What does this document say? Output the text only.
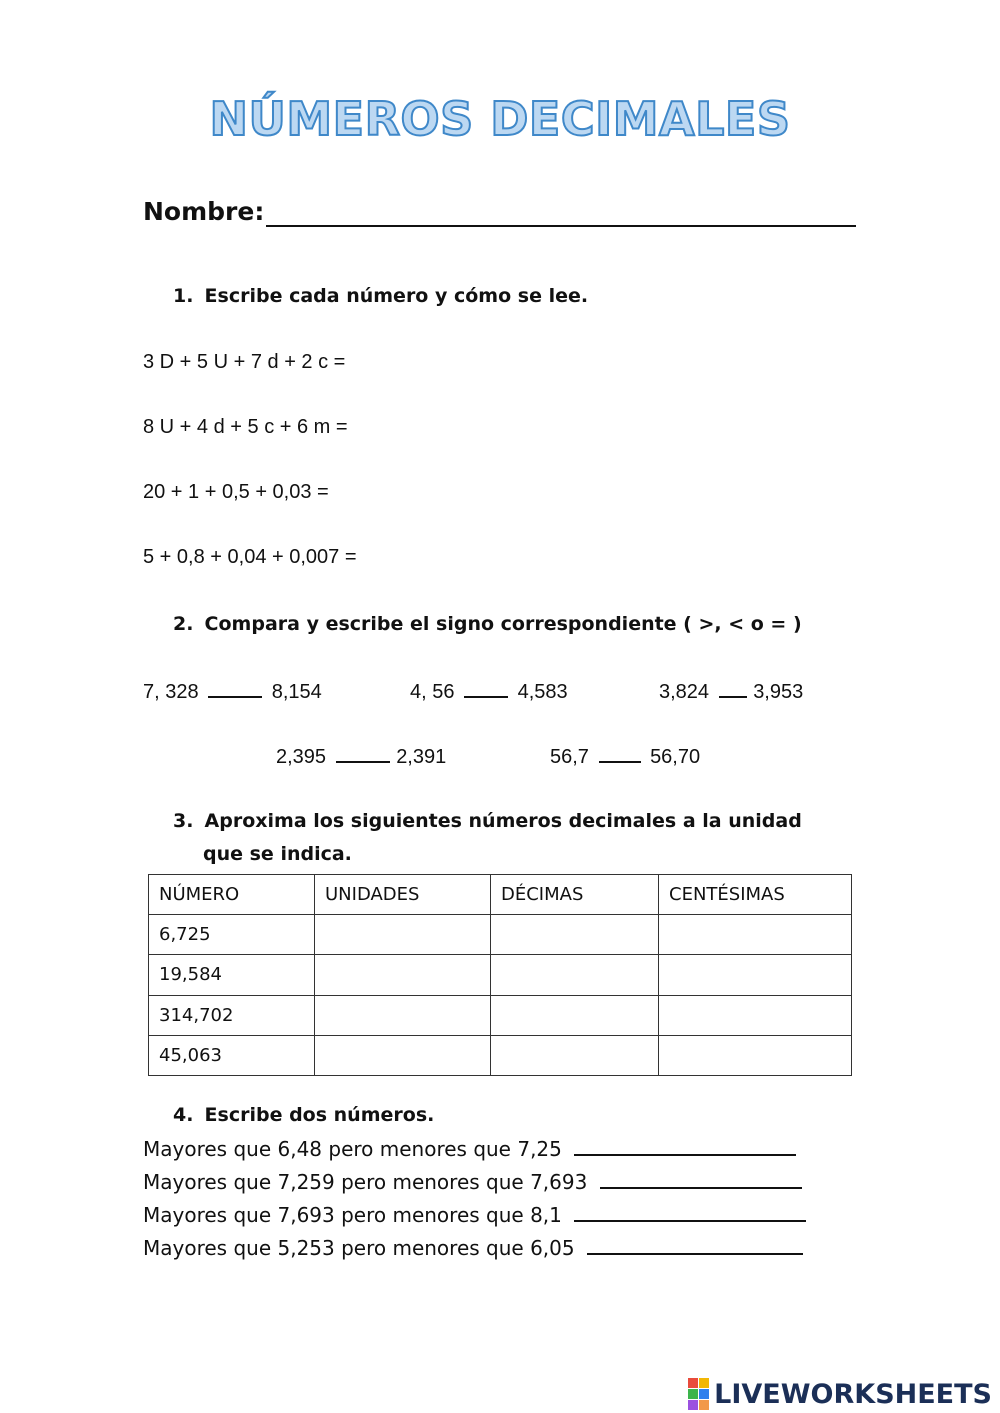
NÚMEROS DECIMALES
Nombre:
1. Escribe cada número y cómo se lee.
3 D + 5 U + 7 d + 2 c =
8 U + 4 d + 5 c + 6 m =
20 + 1 + 0,5 + 0,03 =
5 + 0,8 + 0,04 + 0,007 =
2. Compara y escribe el signo correspondiente ( >, < o = )
7, 328	8,154	4, 56	4,583	3,824 3,953
2,395	2,391	56,7	56,70
3. Aproxima los siguientes números decimales a la unidad
que se indica.
NÚMERO	UNIDADES	DÉCIMAS	CENTÉSIMAS
6,725			
19,584			
314,702			
45,063			
4. Escribe dos números.
Mayores que 6,48 pero menores que 7,25
Mayores que 7,259 pero menores que 7,693
Mayores que 7,693 pero menores que 8,1
Mayores que 5,253 pero menores que 6,05
LIVEWORKSHEETS
